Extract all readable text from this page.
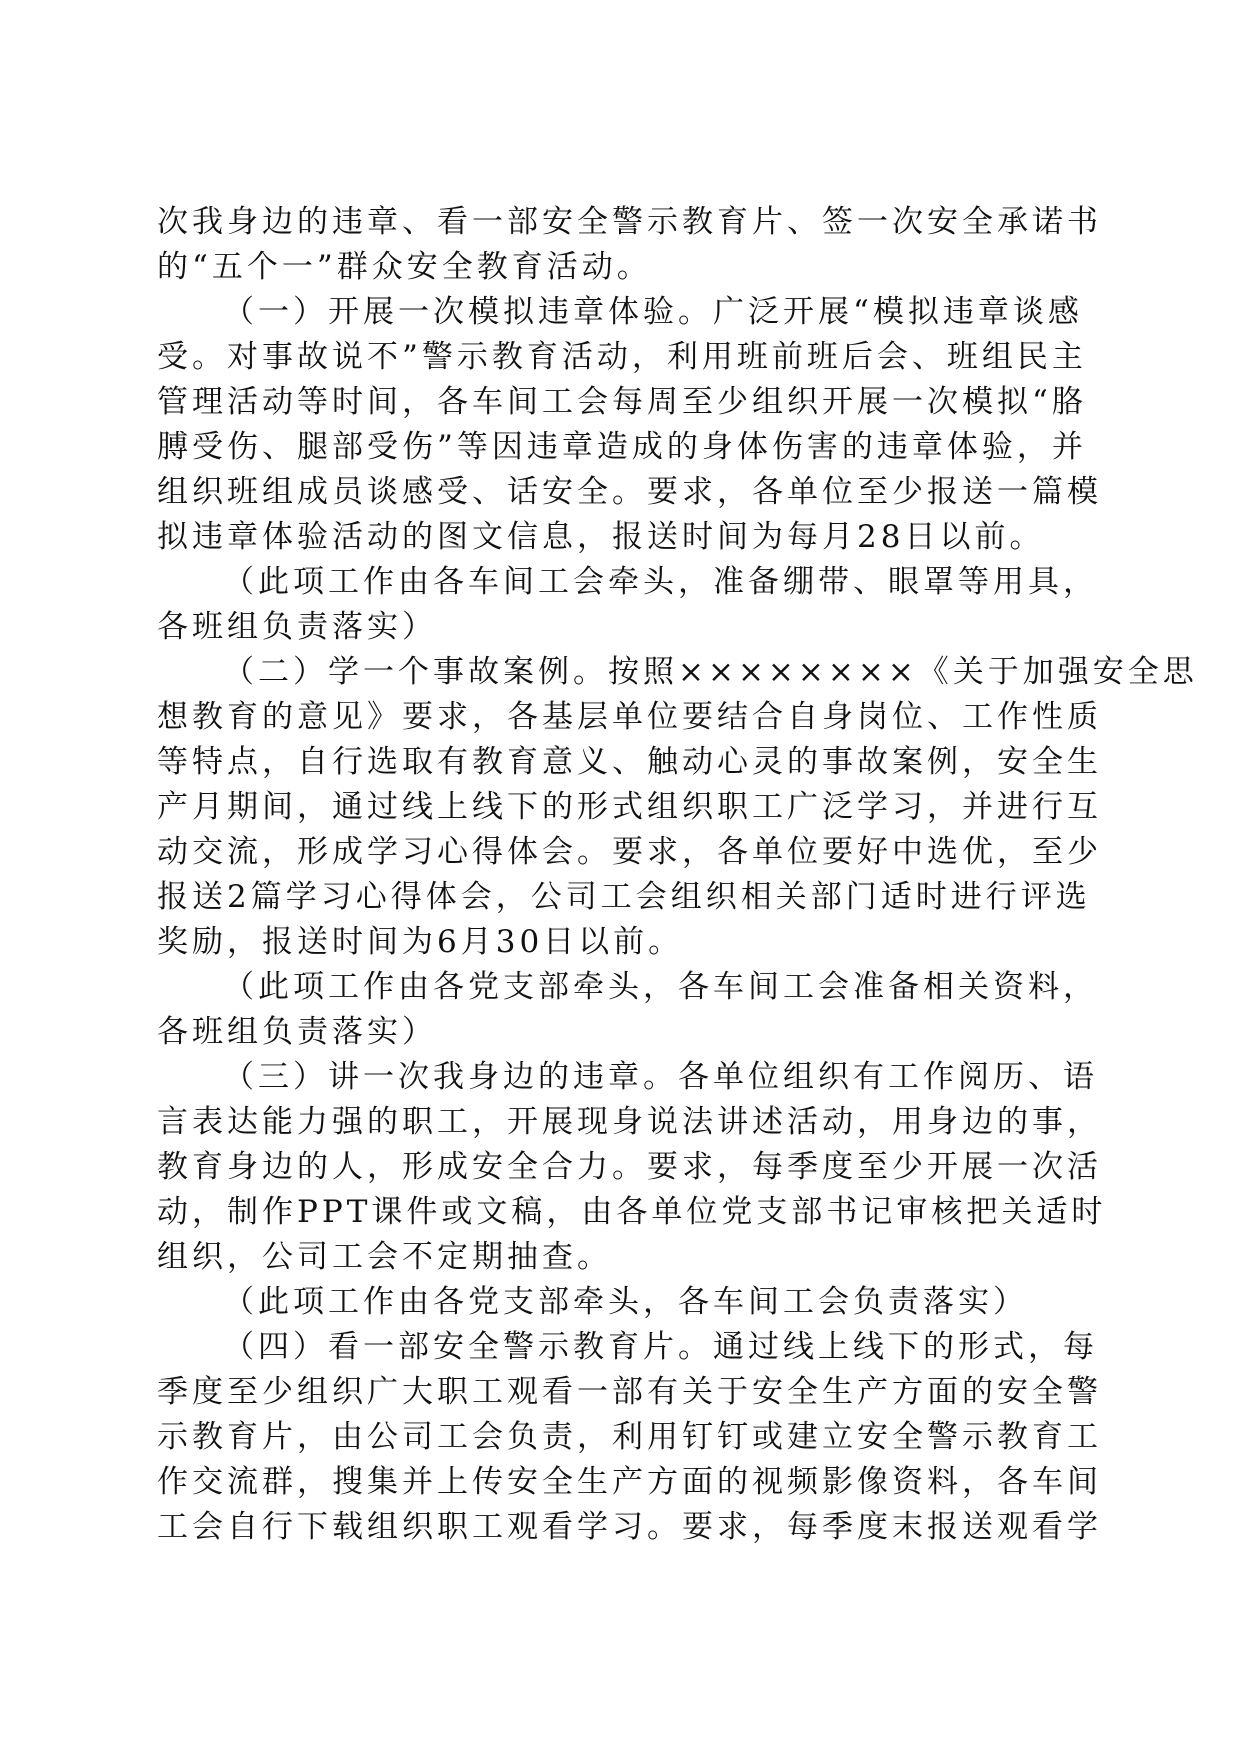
次我身边的违章、看一部安全警示教育片、签一次安全承诺书

的“五个一”群众安全教育活动。

（一）开展一次模拟违章体验。广泛开展“模拟违章谈感

受。对事故说不”警示教育活动，利用班前班后会、班组民主

管理活动等时间，各车间工会每周至少组织开展一次模拟“胳

膊受伤、腿部受伤”等因违章造成的身体伤害的违章体验，并

组织班组成员谈感受、话安全。要求，各单位至少报送一篇模

拟违章体验活动的图文信息，报送时间为每月28日以前。

（此项工作由各车间工会牵头，准备绷带、眼罩等用具，

各班组负责落实）

（二）学一个事故案例。按照××××××××《关于加强安全思

想教育的意见》要求，各基层单位要结合自身岗位、工作性质

等特点，自行选取有教育意义、触动心灵的事故案例，安全生

产月期间，通过线上线下的形式组织职工广泛学习，并进行互

动交流，形成学习心得体会。要求，各单位要好中选优，至少

报送2篇学习心得体会，公司工会组织相关部门适时进行评选

奖励，报送时间为6月30日以前。

（此项工作由各党支部牵头，各车间工会准备相关资料，

各班组负责落实）

（三）讲一次我身边的违章。各单位组织有工作阅历、语

言表达能力强的职工，开展现身说法讲述活动，用身边的事，

教育身边的人，形成安全合力。要求，每季度至少开展一次活

动，制作PPT课件或文稿，由各单位党支部书记审核把关适时

组织，公司工会不定期抽查。

（此项工作由各党支部牵头，各车间工会负责落实）

（四）看一部安全警示教育片。通过线上线下的形式，每

季度至少组织广大职工观看一部有关于安全生产方面的安全警

示教育片，由公司工会负责，利用钉钉或建立安全警示教育工

作交流群，搜集并上传安全生产方面的视频影像资料，各车间

工会自行下载组织职工观看学习。要求，每季度末报送观看学
